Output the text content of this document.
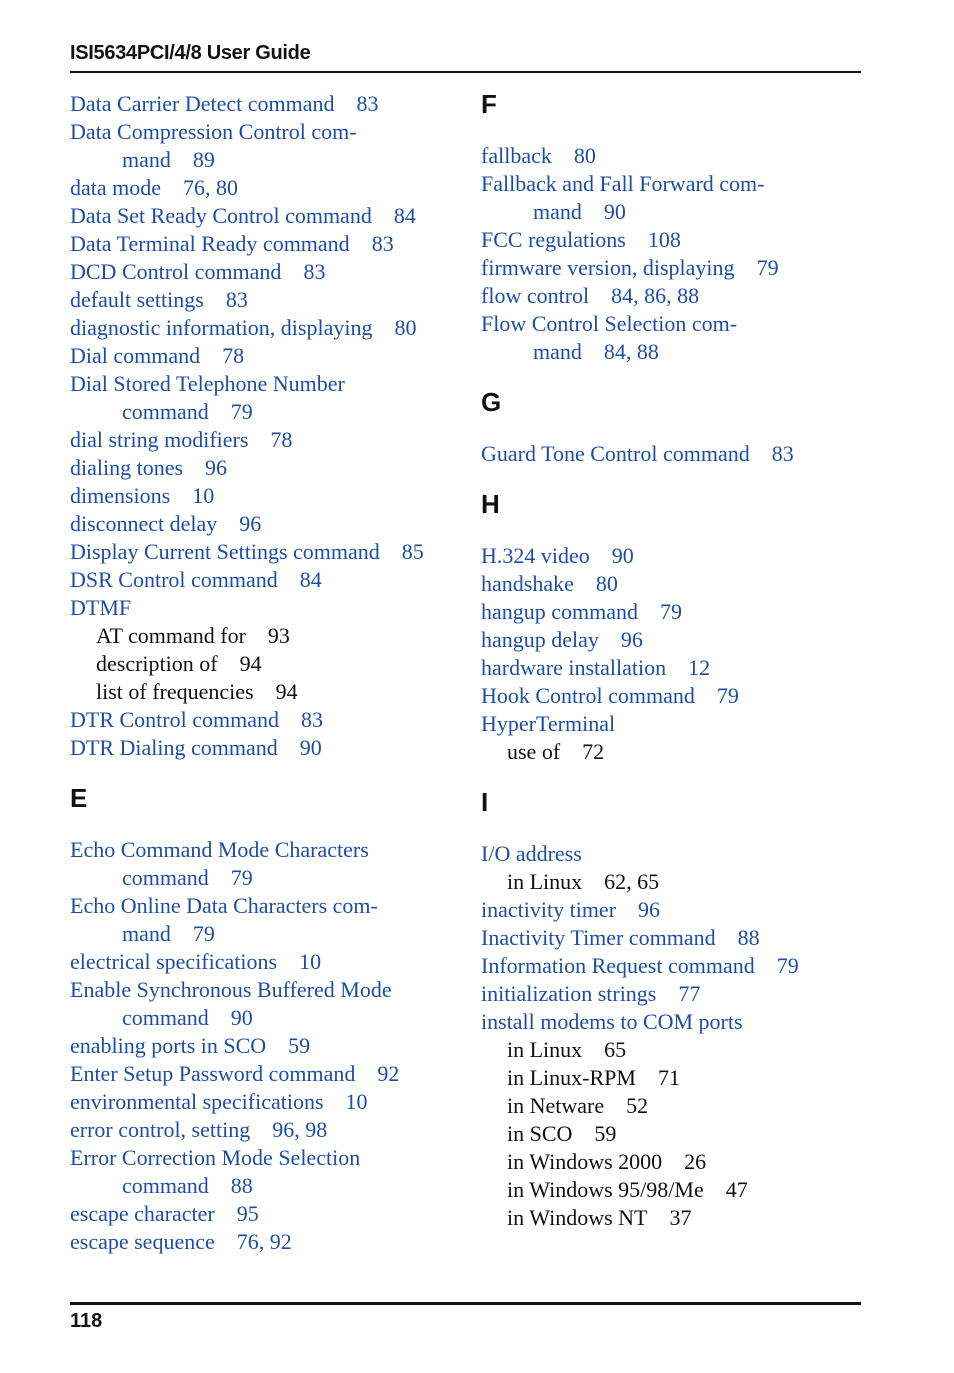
ISI5634PCI/4/8 User Guide
Data Carrier Detect command 83
Data Compression Control com-
mand 89
data mode 76, 80
Data Set Ready Control command 84
Data Terminal Ready command 83
DCD Control command 83
default settings 83
diagnostic information, displaying 80
Dial command 78
Dial Stored Telephone Number
command 79
dial string modifiers 78
dialing tones 96
dimensions 10
disconnect delay 96
Display Current Settings command 85
DSR Control command 84
DTMF
AT command for 93
description of 94
list of frequencies 94
DTR Control command 83
DTR Dialing command 90
E
Echo Command Mode Characters
command 79
Echo Online Data Characters com-
mand 79
electrical specifications 10
Enable Synchronous Buffered Mode
command 90
enabling ports in SCO 59
Enter Setup Password command 92
environmental specifications 10
error control, setting 96, 98
Error Correction Mode Selection
command 88
escape character 95
escape sequence 76, 92
F
fallback 80
Fallback and Fall Forward com-
mand 90
FCC regulations 108
firmware version, displaying 79
flow control 84, 86, 88
Flow Control Selection com-
mand 84, 88
G
Guard Tone Control command 83
H
H.324 video 90
handshake 80
hangup command 79
hangup delay 96
hardware installation 12
Hook Control command 79
HyperTerminal
use of 72
I
I/O address
in Linux 62, 65
inactivity timer 96
Inactivity Timer command 88
Information Request command 79
initialization strings 77
install modems to COM ports
in Linux 65
in Linux-RPM 71
in Netware 52
in SCO 59
in Windows 2000 26
in Windows 95/98/Me 47
in Windows NT 37
118
